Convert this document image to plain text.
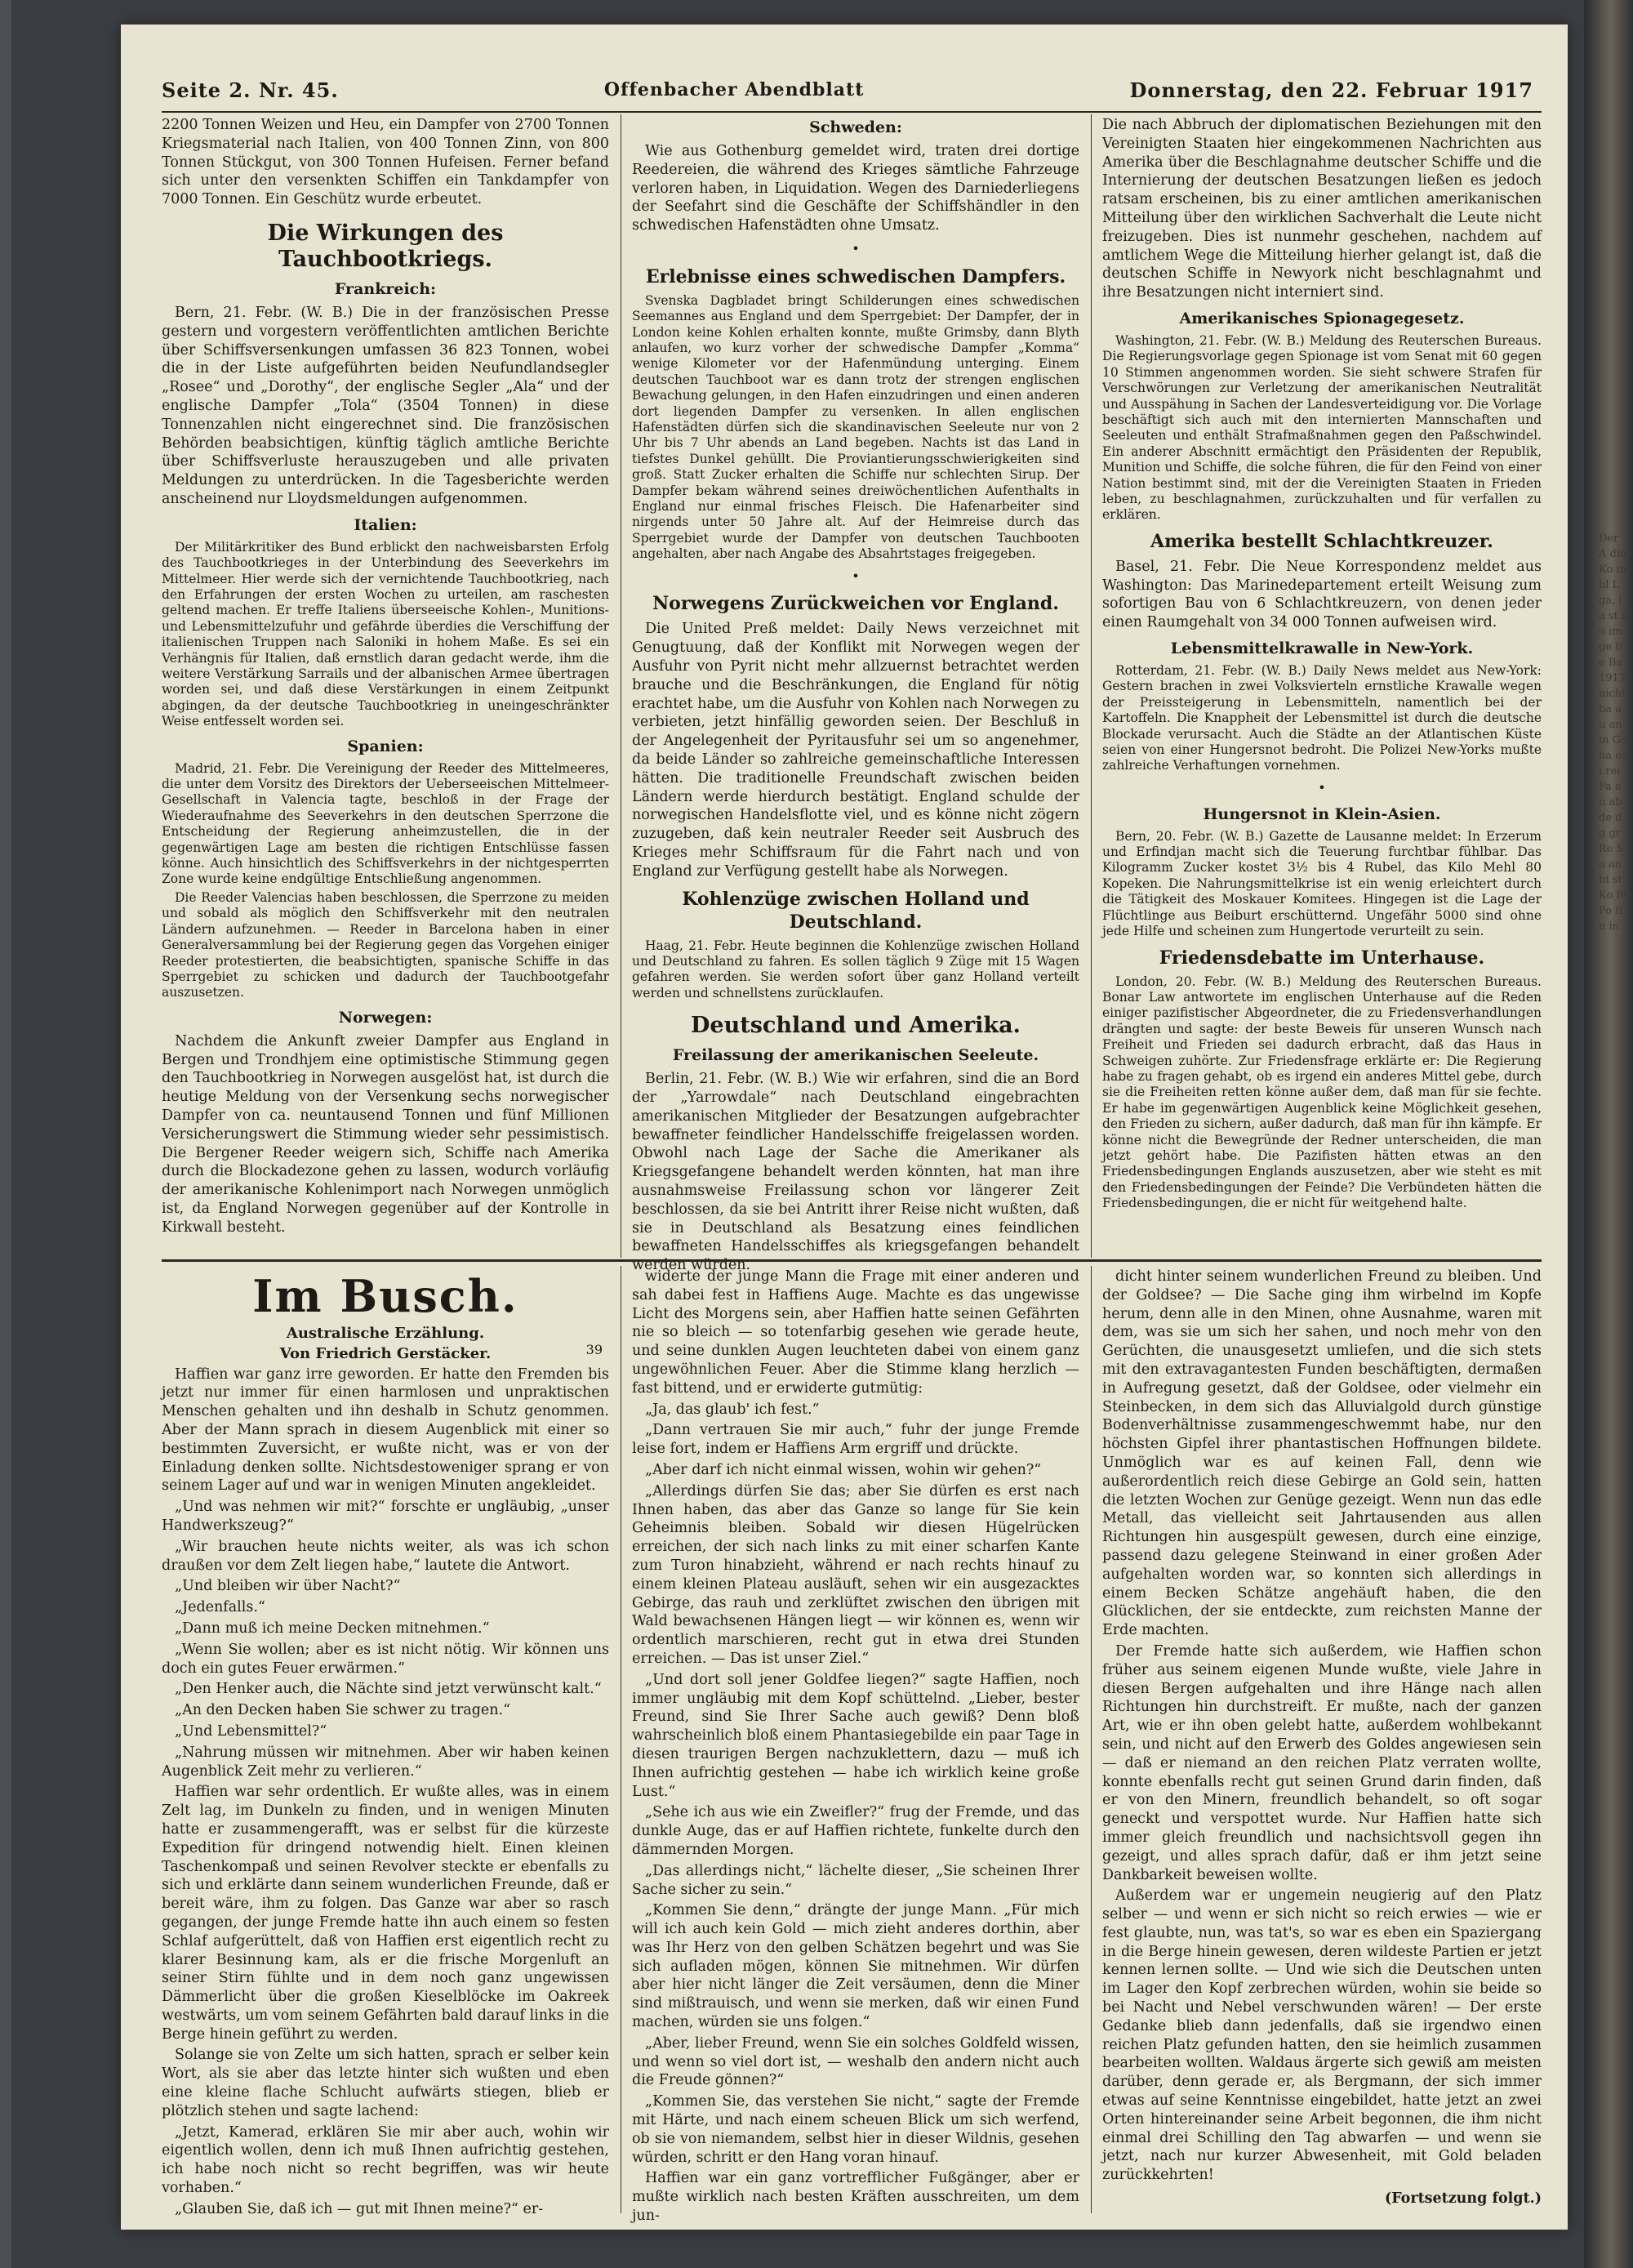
Seite 2. Nr. 45.	Offenbacher Abendblatt	Donnerstag, den 22. Februar 1917

2200 Tonnen Weizen und Heu, ein Dampfer von 2700 Tonnen Kriegsmaterial nach Italien, von 400 Tonnen Zinn, von 800 Tonnen Stückgut, von 300 Tonnen Hufeisen. Ferner befand sich unter den versenkten Schiffen ein Tankdampfer von 7000 Tonnen. Ein Geschütz wurde erbeutet.

Die Wirkungen des Tauchbootkriegs.
Frankreich:

Bern, 21. Febr. (W. B.) Die in der französischen Presse gestern und vorgestern veröffentlichten amtlichen Berichte über Schiffsversenkungen umfassen 36 823 Tonnen, wobei die in der Liste aufgeführten beiden Neufundlandsegler „Rosee“ und „Dorothy“, der englische Segler „Ala“ und der englische Dampfer „Tola“ (3504 Tonnen) in diese Tonnenzahlen nicht eingerechnet sind. Die französischen Behörden beabsichtigen, künftig täglich amtliche Berichte über Schiffsverluste herauszugeben und alle privaten Meldungen zu unterdrücken. In die Tagesberichte werden anscheinend nur Lloydsmeldungen aufgenommen.

Italien:

Der Militärkritiker des Bund erblickt den nachweisbarsten Erfolg des Tauchbootkrieges in der Unterbindung des Seeverkehrs im Mittelmeer. Hier werde sich der vernichtende Tauchbootkrieg, nach den Erfahrungen der ersten Wochen zu urteilen, am raschesten geltend machen. Er treffe Italiens überseeische Kohlen-, Munitions- und Lebensmittelzufuhr und gefährde überdies die Verschiffung der italienischen Truppen nach Saloniki in hohem Maße. Es sei ein Verhängnis für Italien, daß ernstlich daran gedacht werde, ihm die weitere Verstärkung Sarrails und der albanischen Armee übertragen worden sei, und daß diese Verstärkungen in einem Zeitpunkt abgingen, da der deutsche Tauchbootkrieg in uneingeschränkter Weise entfesselt worden sei.

Spanien:

Madrid, 21. Febr. Die Vereinigung der Reeder des Mittelmeeres, die unter dem Vorsitz des Direktors der Ueberseeischen Mittelmeer-Gesellschaft in Valencia tagte, beschloß in der Frage der Wiederaufnahme des Seeverkehrs in den deutschen Sperrzone die Entscheidung der Regierung anheimzustellen, die in der gegenwärtigen Lage am besten die richtigen Entschlüsse fassen könne. Auch hinsichtlich des Schiffsverkehrs in der nichtgesperrten Zone wurde keine endgültige Entschließung angenommen.

Die Reeder Valencias haben beschlossen, die Sperrzone zu meiden und sobald als möglich den Schiffsverkehr mit den neutralen Ländern aufzunehmen. — Reeder in Barcelona haben in einer Generalversammlung bei der Regierung gegen das Vorgehen einiger Reeder protestierten, die beabsichtigten, spanische Schiffe in das Sperrgebiet zu schicken und dadurch der Tauchbootgefahr auszusetzen.

Norwegen:

Nachdem die Ankunft zweier Dampfer aus England in Bergen und Trondhjem eine optimistische Stimmung gegen den Tauchbootkrieg in Norwegen ausgelöst hat, ist durch die heutige Meldung von der Versenkung sechs norwegischer Dampfer von ca. neuntausend Tonnen und fünf Millionen Versicherungswert die Stimmung wieder sehr pessimistisch. Die Bergener Reeder weigern sich, Schiffe nach Amerika durch die Blockadezone gehen zu lassen, wodurch vorläufig der amerikanische Kohlenimport nach Norwegen unmöglich ist, da England Norwegen gegenüber auf der Kontrolle in Kirkwall besteht.

Schweden:

Wie aus Gothenburg gemeldet wird, traten drei dortige Reedereien, die während des Krieges sämtliche Fahrzeuge verloren haben, in Liquidation. Wegen des Darniederliegens der Seefahrt sind die Geschäfte der Schiffshändler in den schwedischen Hafenstädten ohne Umsatz.

•
Erlebnisse eines schwedischen Dampfers.

Svenska Dagbladet bringt Schilderungen eines schwedischen Seemannes aus England und dem Sperrgebiet: Der Dampfer, der in London keine Kohlen erhalten konnte, mußte Grimsby, dann Blyth anlaufen, wo kurz vorher der schwedische Dampfer „Komma“ wenige Kilometer vor der Hafenmündung unterging. Einem deutschen Tauchboot war es dann trotz der strengen englischen Bewachung gelungen, in den Hafen einzudringen und einen anderen dort liegenden Dampfer zu versenken. In allen englischen Hafenstädten dürfen sich die skandinavischen Seeleute nur von 2 Uhr bis 7 Uhr abends an Land begeben. Nachts ist das Land in tiefstes Dunkel gehüllt. Die Proviantierungsschwierigkeiten sind groß. Statt Zucker erhalten die Schiffe nur schlechten Sirup. Der Dampfer bekam während seines dreiwöchentlichen Aufenthalts in England nur einmal frisches Fleisch. Die Hafenarbeiter sind nirgends unter 50 Jahre alt. Auf der Heimreise durch das Sperrgebiet wurde der Dampfer von deutschen Tauchbooten angehalten, aber nach Angabe des Absahrtstages freigegeben.

•
Norwegens Zurückweichen vor England.

Die United Preß meldet: Daily News verzeichnet mit Genugtuung, daß der Konflikt mit Norwegen wegen der Ausfuhr von Pyrit nicht mehr allzuernst betrachtet werden brauche und die Beschränkungen, die England für nötig erachtet habe, um die Ausfuhr von Kohlen nach Norwegen zu verbieten, jetzt hinfällig geworden seien. Der Beschluß in der Angelegenheit der Pyritausfuhr sei um so angenehmer, da beide Länder so zahlreiche gemeinschaftliche Interessen hätten. Die traditionelle Freundschaft zwischen beiden Ländern werde hierdurch bestätigt. England schulde der norwegischen Handelsflotte viel, und es könne nicht zögern zuzugeben, daß kein neutraler Reeder seit Ausbruch des Krieges mehr Schiffsraum für die Fahrt nach und von England zur Verfügung gestellt habe als Norwegen.

Kohlenzüge zwischen Holland und Deutschland.

Haag, 21. Febr. Heute beginnen die Kohlenzüge zwischen Holland und Deutschland zu fahren. Es sollen täglich 9 Züge mit 15 Wagen gefahren werden. Sie werden sofort über ganz Holland verteilt werden und schnellstens zurücklaufen.

Deutschland und Amerika.
Freilassung der amerikanischen Seeleute.

Berlin, 21. Febr. (W. B.) Wie wir erfahren, sind die an Bord der „Yarrowdale“ nach Deutschland eingebrachten amerikanischen Mitglieder der Besatzungen aufgebrachter bewaffneter feindlicher Handelsschiffe freigelassen worden. Obwohl nach Lage der Sache die Amerikaner als Kriegsgefangene behandelt werden könnten, hat man ihre ausnahmsweise Freilassung schon vor längerer Zeit beschlossen, da sie bei Antritt ihrer Reise nicht wußten, daß sie in Deutschland als Besatzung eines feindlichen bewaffneten Handelsschiffes als kriegsgefangen behandelt werden würden.

Die nach Abbruch der diplomatischen Beziehungen mit den Vereinigten Staaten hier eingekommenen Nachrichten aus Amerika über die Beschlagnahme deutscher Schiffe und die Internierung der deutschen Besatzungen ließen es jedoch ratsam erscheinen, bis zu einer amtlichen amerikanischen Mitteilung über den wirklichen Sachverhalt die Leute nicht freizugeben. Dies ist nunmehr geschehen, nachdem auf amtlichem Wege die Mitteilung hierher gelangt ist, daß die deutschen Schiffe in Newyork nicht beschlagnahmt und ihre Besatzungen nicht interniert sind.

Amerikanisches Spionagegesetz.

Washington, 21. Febr. (W. B.) Meldung des Reuterschen Bureaus. Die Regierungsvorlage gegen Spionage ist vom Senat mit 60 gegen 10 Stimmen angenommen worden. Sie sieht schwere Strafen für Verschwörungen zur Verletzung der amerikanischen Neutralität und Ausspähung in Sachen der Landesverteidigung vor. Die Vorlage beschäftigt sich auch mit den internierten Mannschaften und Seeleuten und enthält Strafmaßnahmen gegen den Paßschwindel. Ein anderer Abschnitt ermächtigt den Präsidenten der Republik, Munition und Schiffe, die solche führen, die für den Feind von einer Nation bestimmt sind, mit der die Vereinigten Staaten in Frieden leben, zu beschlagnahmen, zurückzuhalten und für verfallen zu erklären.

Amerika bestellt Schlachtkreuzer.

Basel, 21. Febr. Die Neue Korrespondenz meldet aus Washington: Das Marinedepartement erteilt Weisung zum sofortigen Bau von 6 Schlachtkreuzern, von denen jeder einen Raumgehalt von 34 000 Tonnen aufweisen wird.

Lebensmittelkrawalle in New-York.

Rotterdam, 21. Febr. (W. B.) Daily News meldet aus New-York: Gestern brachen in zwei Volksvierteln ernstliche Krawalle wegen der Preissteigerung in Lebensmitteln, namentlich bei der Kartoffeln. Die Knappheit der Lebensmittel ist durch die deutsche Blockade verursacht. Auch die Städte an der Atlantischen Küste seien von einer Hungersnot bedroht. Die Polizei New-Yorks mußte zahlreiche Verhaftungen vornehmen.

•
Hungersnot in Klein-Asien.

Bern, 20. Febr. (W. B.) Gazette de Lausanne meldet: In Erzerum und Erfindjan macht sich die Teuerung furchtbar fühlbar. Das Kilogramm Zucker kostet 3½ bis 4 Rubel, das Kilo Mehl 80 Kopeken. Die Nahrungsmittelkrise ist ein wenig erleichtert durch die Tätigkeit des Moskauer Komitees. Hingegen ist die Lage der Flüchtlinge aus Beiburt erschütternd. Ungefähr 5000 sind ohne jede Hilfe und scheinen zum Hungertode verurteilt zu sein.

Friedensdebatte im Unterhause.

London, 20. Febr. (W. B.) Meldung des Reuterschen Bureaus. Bonar Law antwortete im englischen Unterhause auf die Reden einiger pazifistischer Abgeordneter, die zu Friedensverhandlungen drängten und sagte: der beste Beweis für unseren Wunsch nach Freiheit und Frieden sei dadurch erbracht, daß das Haus in Schweigen zuhörte. Zur Friedensfrage erklärte er: Die Regierung habe zu fragen gehabt, ob es irgend ein anderes Mittel gebe, durch sie die Freiheiten retten könne außer dem, daß man für sie fechte. Er habe im gegenwärtigen Augenblick keine Möglichkeit gesehen, den Frieden zu sichern, außer dadurch, daß man für ihn kämpfe. Er könne nicht die Bewegründe der Redner unterscheiden, die man jetzt gehört habe. Die Pazifisten hätten etwas an den Friedensbedingungen Englands auszusetzen, aber wie steht es mit den Friedensbedingungen der Feinde? Die Verbündeten hätten die Friedensbedingungen, die er nicht für weitgehend halte.

Im Busch.
Australische Erzählung.
Von Friedrich Gerstäcker.	39

Haffien war ganz irre geworden. Er hatte den Fremden bis jetzt nur immer für einen harmlosen und unpraktischen Menschen gehalten und ihn deshalb in Schutz genommen. Aber der Mann sprach in diesem Augenblick mit einer so bestimmten Zuversicht, er wußte nicht, was er von der Einladung denken sollte. Nichtsdestoweniger sprang er von seinem Lager auf und war in wenigen Minuten angekleidet.

„Und was nehmen wir mit?“ forschte er ungläubig, „unser Handwerkszeug?“

„Wir brauchen heute nichts weiter, als was ich schon draußen vor dem Zelt liegen habe,“ lautete die Antwort.

„Und bleiben wir über Nacht?“

„Jedenfalls.“

„Dann muß ich meine Decken mitnehmen.“

„Wenn Sie wollen; aber es ist nicht nötig. Wir können uns doch ein gutes Feuer erwärmen.“

„Den Henker auch, die Nächte sind jetzt verwünscht kalt.“

„An den Decken haben Sie schwer zu tragen.“

„Und Lebensmittel?“

„Nahrung müssen wir mitnehmen. Aber wir haben keinen Augenblick Zeit mehr zu verlieren.“

Haffien war sehr ordentlich. Er wußte alles, was in einem Zelt lag, im Dunkeln zu finden, und in wenigen Minuten hatte er zusammengerafft, was er selbst für die kürzeste Expedition für dringend notwendig hielt. Einen kleinen Taschenkompaß und seinen Revolver steckte er ebenfalls zu sich und erklärte dann seinem wunderlichen Freunde, daß er bereit wäre, ihm zu folgen. Das Ganze war aber so rasch gegangen, der junge Fremde hatte ihn auch einem so festen Schlaf aufgerüttelt, daß von Haffien erst eigentlich recht zu klarer Besinnung kam, als er die frische Morgenluft an seiner Stirn fühlte und in dem noch ganz ungewissen Dämmerlicht über die großen Kieselblöcke im Oakreek westwärts, um vom seinem Gefährten bald darauf links in die Berge hinein geführt zu werden.

Solange sie von Zelte um sich hatten, sprach er selber kein Wort, als sie aber das letzte hinter sich wußten und eben eine kleine flache Schlucht aufwärts stiegen, blieb er plötzlich stehen und sagte lachend:

„Jetzt, Kamerad, erklären Sie mir aber auch, wohin wir eigentlich wollen, denn ich muß Ihnen aufrichtig gestehen, ich habe noch nicht so recht begriffen, was wir heute vorhaben.“

„Glauben Sie, daß ich — gut mit Ihnen meine?“ er-

widerte der junge Mann die Frage mit einer anderen und sah dabei fest in Haffiens Auge. Machte es das ungewisse Licht des Morgens sein, aber Haffien hatte seinen Gefährten nie so bleich — so totenfarbig gesehen wie gerade heute, und seine dunklen Augen leuchteten dabei von einem ganz ungewöhnlichen Feuer. Aber die Stimme klang herzlich — fast bittend, und er erwiderte gutmütig:

„Ja, das glaub' ich fest.“

„Dann vertrauen Sie mir auch,“ fuhr der junge Fremde leise fort, indem er Haffiens Arm ergriff und drückte.

„Aber darf ich nicht einmal wissen, wohin wir gehen?“

„Allerdings dürfen Sie das; aber Sie dürfen es erst nach Ihnen haben, das aber das Ganze so lange für Sie kein Geheimnis bleiben. Sobald wir diesen Hügelrücken erreichen, der sich nach links zu mit einer scharfen Kante zum Turon hinabzieht, während er nach rechts hinauf zu einem kleinen Plateau ausläuft, sehen wir ein ausgezacktes Gebirge, das rauh und zerklüftet zwischen den übrigen mit Wald bewachsenen Hängen liegt — wir können es, wenn wir ordentlich marschieren, recht gut in etwa drei Stunden erreichen. — Das ist unser Ziel.“

„Und dort soll jener Goldfee liegen?“ sagte Haffien, noch immer ungläubig mit dem Kopf schüttelnd. „Lieber, bester Freund, sind Sie Ihrer Sache auch gewiß? Denn bloß wahrscheinlich bloß einem Phantasiegebilde ein paar Tage in diesen traurigen Bergen nachzuklettern, dazu — muß ich Ihnen aufrichtig gestehen — habe ich wirklich keine große Lust.“

„Sehe ich aus wie ein Zweifler?“ frug der Fremde, und das dunkle Auge, das er auf Haffien richtete, funkelte durch den dämmernden Morgen.

„Das allerdings nicht,“ lächelte dieser, „Sie scheinen Ihrer Sache sicher zu sein.“

„Kommen Sie denn,“ drängte der junge Mann. „Für mich will ich auch kein Gold — mich zieht anderes dorthin, aber was Ihr Herz von den gelben Schätzen begehrt und was Sie sich aufladen mögen, können Sie mitnehmen. Wir dürfen aber hier nicht länger die Zeit versäumen, denn die Miner sind mißtrauisch, und wenn sie merken, daß wir einen Fund machen, würden sie uns folgen.“

„Aber, lieber Freund, wenn Sie ein solches Goldfeld wissen, und wenn so viel dort ist, — weshalb den andern nicht auch die Freude gönnen?“

„Kommen Sie, das verstehen Sie nicht,“ sagte der Fremde mit Härte, und nach einem scheuen Blick um sich werfend, ob sie von niemandem, selbst hier in dieser Wildnis, gesehen würden, schritt er den Hang voran hinauf.

Haffien war ein ganz vortrefflicher Fußgänger, aber er mußte wirklich nach besten Kräften ausschreiten, um dem jun-

dicht hinter seinem wunderlichen Freund zu bleiben. Und der Goldsee? — Die Sache ging ihm wirbelnd im Kopfe herum, denn alle in den Minen, ohne Ausnahme, waren mit dem, was sie um sich her sahen, und noch mehr von den Gerüchten, die unausgesetzt umliefen, und die sich stets mit den extravagantesten Funden beschäftigten, dermaßen in Aufregung gesetzt, daß der Goldsee, oder vielmehr ein Steinbecken, in dem sich das Alluvialgold durch günstige Bodenverhältnisse zusammengeschwemmt habe, nur den höchsten Gipfel ihrer phantastischen Hoffnungen bildete. Unmöglich war es auf keinen Fall, denn wie außerordentlich reich diese Gebirge an Gold sein, hatten die letzten Wochen zur Genüge gezeigt. Wenn nun das edle Metall, das vielleicht seit Jahrtausenden aus allen Richtungen hin ausgespült gewesen, durch eine einzige, passend dazu gelegene Steinwand in einer großen Ader aufgehalten worden war, so konnten sich allerdings in einem Becken Schätze angehäuft haben, die den Glücklichen, der sie entdeckte, zum reichsten Manne der Erde machten.

Der Fremde hatte sich außerdem, wie Haffien schon früher aus seinem eigenen Munde wußte, viele Jahre in diesen Bergen aufgehalten und ihre Hänge nach allen Richtungen hin durchstreift. Er mußte, nach der ganzen Art, wie er ihn oben gelebt hatte, außerdem wohlbekannt sein, und nicht auf den Erwerb des Goldes angewiesen sein — daß er niemand an den reichen Platz verraten wollte, konnte ebenfalls recht gut seinen Grund darin finden, daß er von den Minern, freundlich behandelt, so oft sogar geneckt und verspottet wurde. Nur Haffien hatte sich immer gleich freundlich und nachsichtsvoll gegen ihn gezeigt, und alles sprach dafür, daß er ihm jetzt seine Dankbarkeit beweisen wollte.

Außerdem war er ungemein neugierig auf den Platz selber — und wenn er sich nicht so reich erwies — wie er fest glaubte, nun, was tat's, so war es eben ein Spaziergang in die Berge hinein gewesen, deren wildeste Partien er jetzt kennen lernen sollte. — Und wie sich die Deutschen unten im Lager den Kopf zerbrechen würden, wohin sie beide so bei Nacht und Nebel verschwunden wären! — Der erste Gedanke blieb dann jedenfalls, daß sie irgendwo einen reichen Platz gefunden hatten, den sie heimlich zusammen bearbeiten wollten. Waldaus ärgerte sich gewiß am meisten darüber, denn gerade er, als Bergmann, der sich immer etwas auf seine Kenntnisse eingebildet, hatte jetzt an zwei Orten hintereinander seine Arbeit begonnen, die ihm nicht einmal drei Schilling den Tag abwarfen — und wenn sie jetzt, nach nur kurzer Abwesenheit, mit Gold beladen zurückkehrten!

(Fortsetzung folgt.)
Der A die Ko in bl L ga, la st so im ge be Ba 1917 nicht ba au an in Go ha eri rei Fa an ab de dg gr Re Sa an bi st Ko fe Po fin in
